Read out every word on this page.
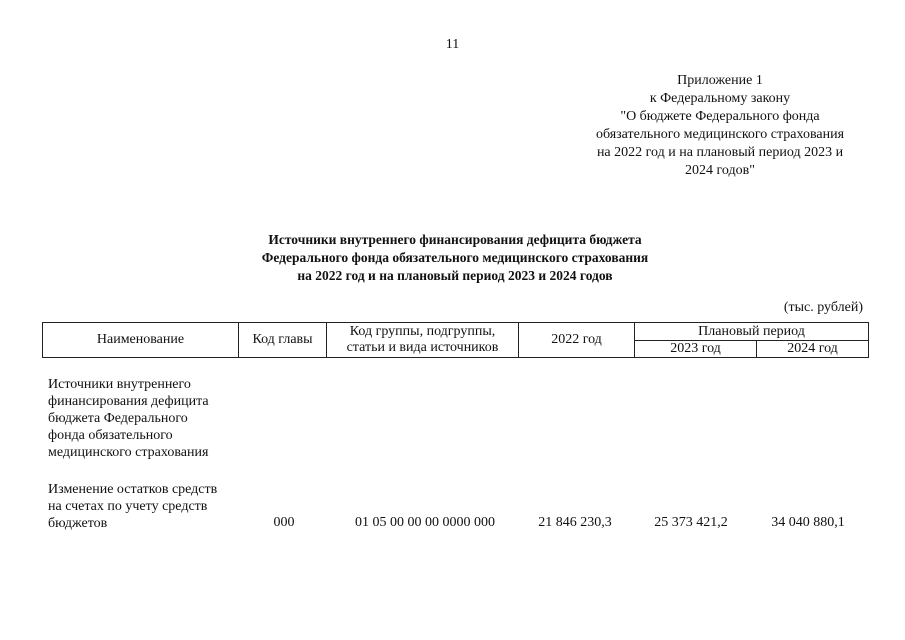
11
Приложение 1
к Федеральному закону
"О бюджете Федерального фонда
обязательного медицинского страхования
на 2022 год и на плановый период 2023 и
2024 годов"
Источники внутреннего финансирования дефицита бюджета
Федерального фонда обязательного медицинского страхования
на 2022 год и на плановый период 2023 и 2024 годов
(тыс. рублей)
Наименование	Код главы	Код группы, подгруппы, статьи и вида источников	2022 год	Плановый период	
				2023 год	2024 год
Источники внутреннего
финансирования дефицита
бюджета Федерального
фонда обязательного
медицинского страхования
Изменение остатков средств
на счетах по учету средств
бюджетов	000	01 05 00 00 00 0000 000	21 846 230,3	25 373 421,2	34 040 880,1
